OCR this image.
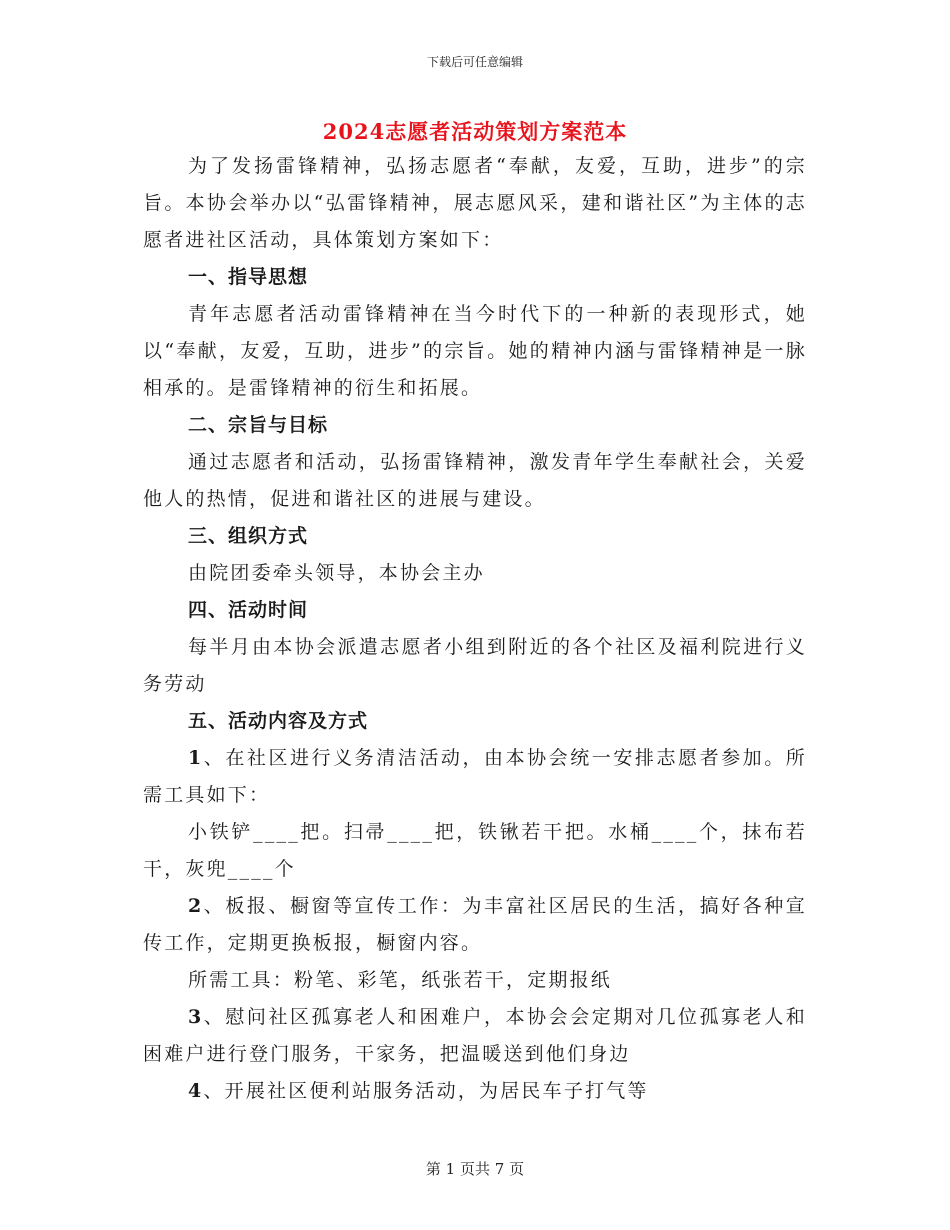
下载后可任意编辑
2024志愿者活动策划方案范本

为了发扬雷锋精神，弘扬志愿者“奉献，友爱，互助，进步”的宗旨。本协会举办以“弘雷锋精神，展志愿风采，建和谐社区”为主体的志愿者进社区活动，具体策划方案如下：

一、指导思想

青年志愿者活动雷锋精神在当今时代下的一种新的表现形式，她以“奉献，友爱，互助，进步”的宗旨。她的精神内涵与雷锋精神是一脉相承的。是雷锋精神的衍生和拓展。

二、宗旨与目标

通过志愿者和活动，弘扬雷锋精神，激发青年学生奉献社会，关爱他人的热情，促进和谐社区的进展与建设。

三、组织方式

由院团委牵头领导，本协会主办

四、活动时间

每半月由本协会派遣志愿者小组到附近的各个社区及福利院进行义务劳动

五、活动内容及方式

1、在社区进行义务清洁活动，由本协会统一安排志愿者参加。所需工具如下：

小铁铲____把。扫帚____把，铁锹若干把。水桶____个，抹布若干，灰兜____个

2、板报、橱窗等宣传工作：为丰富社区居民的生活，搞好各种宣传工作，定期更换板报，橱窗内容。

所需工具：粉笔、彩笔，纸张若干，定期报纸

3、慰问社区孤寡老人和困难户，本协会会定期对几位孤寡老人和困难户进行登门服务，干家务，把温暖送到他们身边

4、开展社区便利站服务活动，为居民车子打气等

第 1 页共 7 页
